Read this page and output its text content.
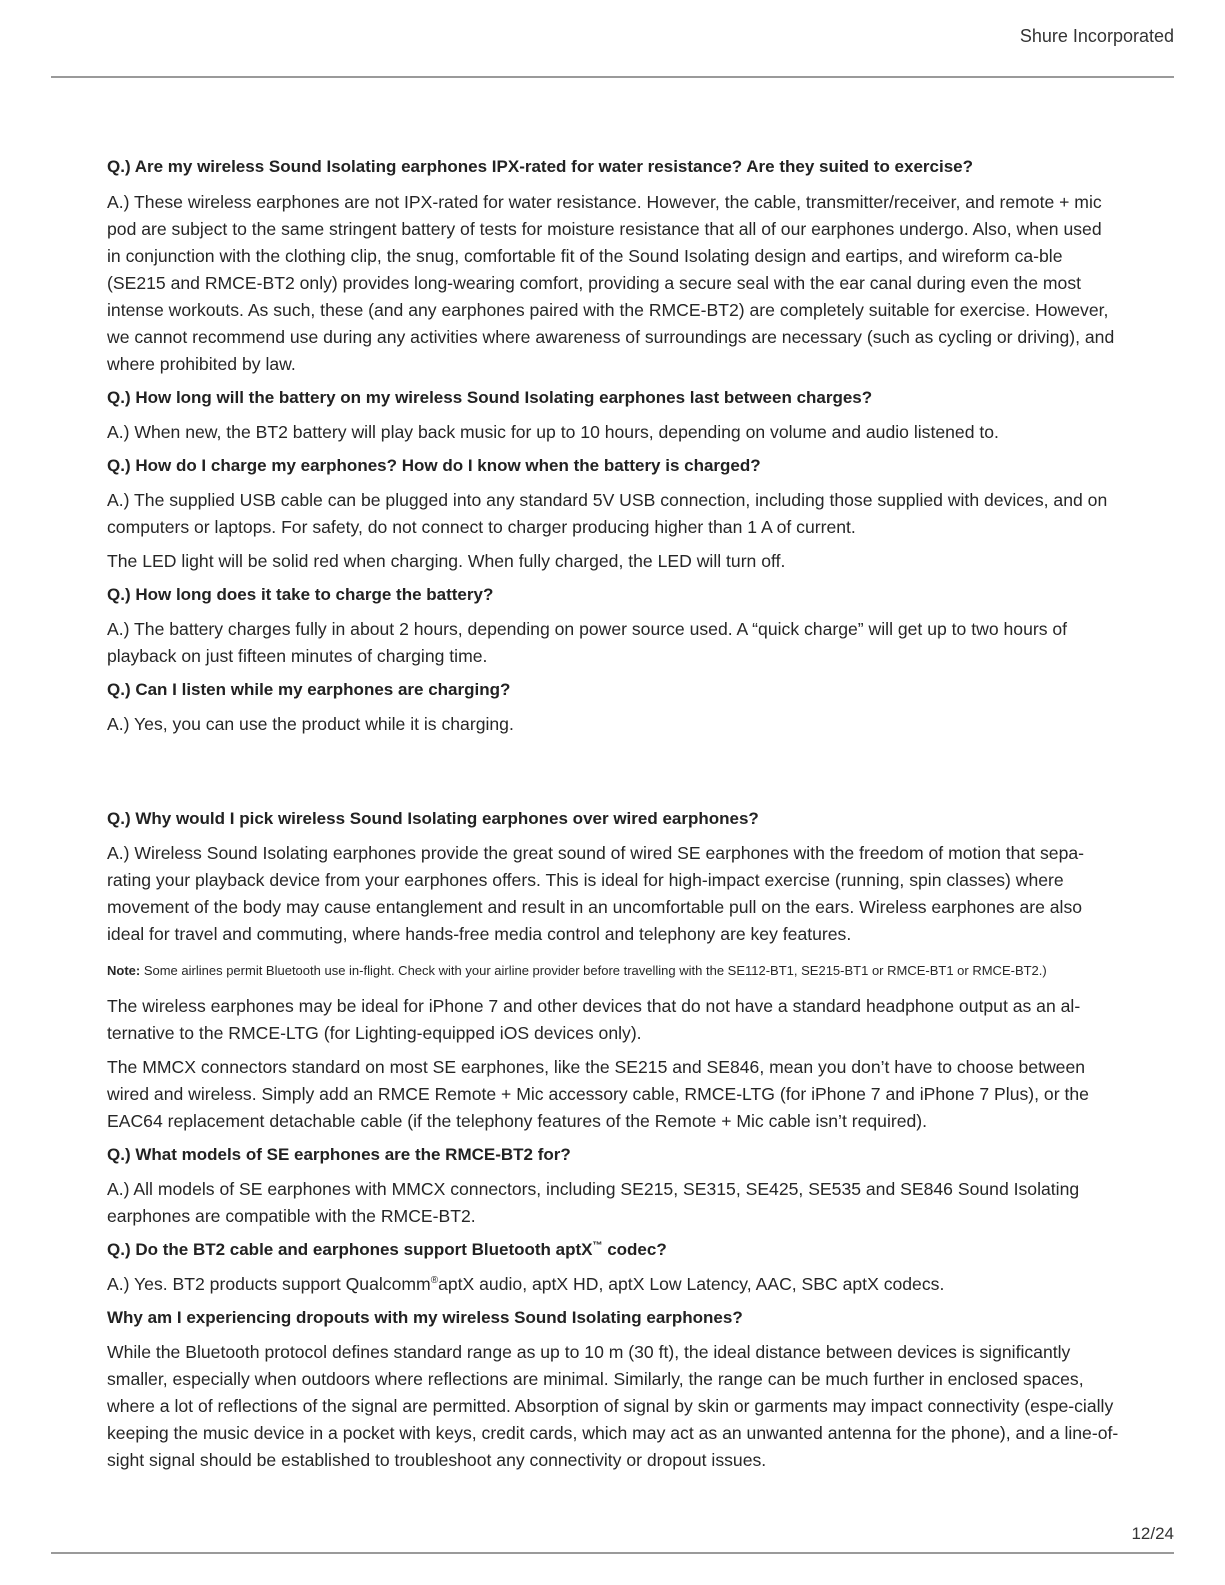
Shure Incorporated

Q.) Are my wireless Sound Isolating earphones IPX-rated for water resistance? Are they suited to exercise?

A.) These wireless earphones are not IPX-rated for water resistance. However, the cable, transmitter/receiver, and remote + mic pod are subject to the same stringent battery of tests for moisture resistance that all of our earphones undergo. Also, when used in conjunction with the clothing clip, the snug, comfortable fit of the Sound Isolating design and eartips, and wireform ca-ble (SE215 and RMCE-BT2 only) provides long-wearing comfort, providing a secure seal with the ear canal during even the most intense workouts. As such, these (and any earphones paired with the RMCE-BT2) are completely suitable for exercise. However, we cannot recommend use during any activities where awareness of surroundings are necessary (such as cycling or driving), and where prohibited by law.

Q.) How long will the battery on my wireless Sound Isolating earphones last between charges?

A.) When new, the BT2 battery will play back music for up to 10 hours, depending on volume and audio listened to.

Q.) How do I charge my earphones? How do I know when the battery is charged?

A.) The supplied USB cable can be plugged into any standard 5V USB connection, including those supplied with devices, and on computers or laptops. For safety, do not connect to charger producing higher than 1 A of current.

The LED light will be solid red when charging. When fully charged, the LED will turn off.

Q.) How long does it take to charge the battery?

A.) The battery charges fully in about 2 hours, depending on power source used. A “quick charge” will get up to two hours of playback on just fifteen minutes of charging time.

Q.) Can I listen while my earphones are charging?

A.) Yes, you can use the product while it is charging.

Q.) Why would I pick wireless Sound Isolating earphones over wired earphones?

A.) Wireless Sound Isolating earphones provide the great sound of wired SE earphones with the freedom of motion that sepa-rating your playback device from your earphones offers. This is ideal for high-impact exercise (running, spin classes) where movement of the body may cause entanglement and result in an uncomfortable pull on the ears. Wireless earphones are also ideal for travel and commuting, where hands-free media control and telephony are key features.

Note: Some airlines permit Bluetooth use in-flight. Check with your airline provider before travelling with the SE112-BT1, SE215-BT1 or RMCE-BT1 or RMCE-BT2.)

The wireless earphones may be ideal for iPhone 7 and other devices that do not have a standard headphone output as an al-ternative to the RMCE-LTG (for Lighting-equipped iOS devices only).

The MMCX connectors standard on most SE earphones, like the SE215 and SE846, mean you don’t have to choose between wired and wireless. Simply add an RMCE Remote + Mic accessory cable, RMCE-LTG (for iPhone 7 and iPhone 7 Plus), or the EAC64 replacement detachable cable (if the telephony features of the Remote + Mic cable isn’t required).

Q.) What models of SE earphones are the RMCE-BT2 for?

A.) All models of SE earphones with MMCX connectors, including SE215, SE315, SE425, SE535 and SE846 Sound Isolating earphones are compatible with the RMCE-BT2.

Q.) Do the BT2 cable and earphones support Bluetooth aptX™ codec?

A.) Yes. BT2 products support Qualcomm®aptX audio, aptX HD, aptX Low Latency, AAC, SBC aptX codecs.

Why am I experiencing dropouts with my wireless Sound Isolating earphones?

While the Bluetooth protocol defines standard range as up to 10 m (30 ft), the ideal distance between devices is significantly smaller, especially when outdoors where reflections are minimal. Similarly, the range can be much further in enclosed spaces, where a lot of reflections of the signal are permitted. Absorption of signal by skin or garments may impact connectivity (espe-cially keeping the music device in a pocket with keys, credit cards, which may act as an unwanted antenna for the phone), and a line-of-sight signal should be established to troubleshoot any connectivity or dropout issues.

12/24
